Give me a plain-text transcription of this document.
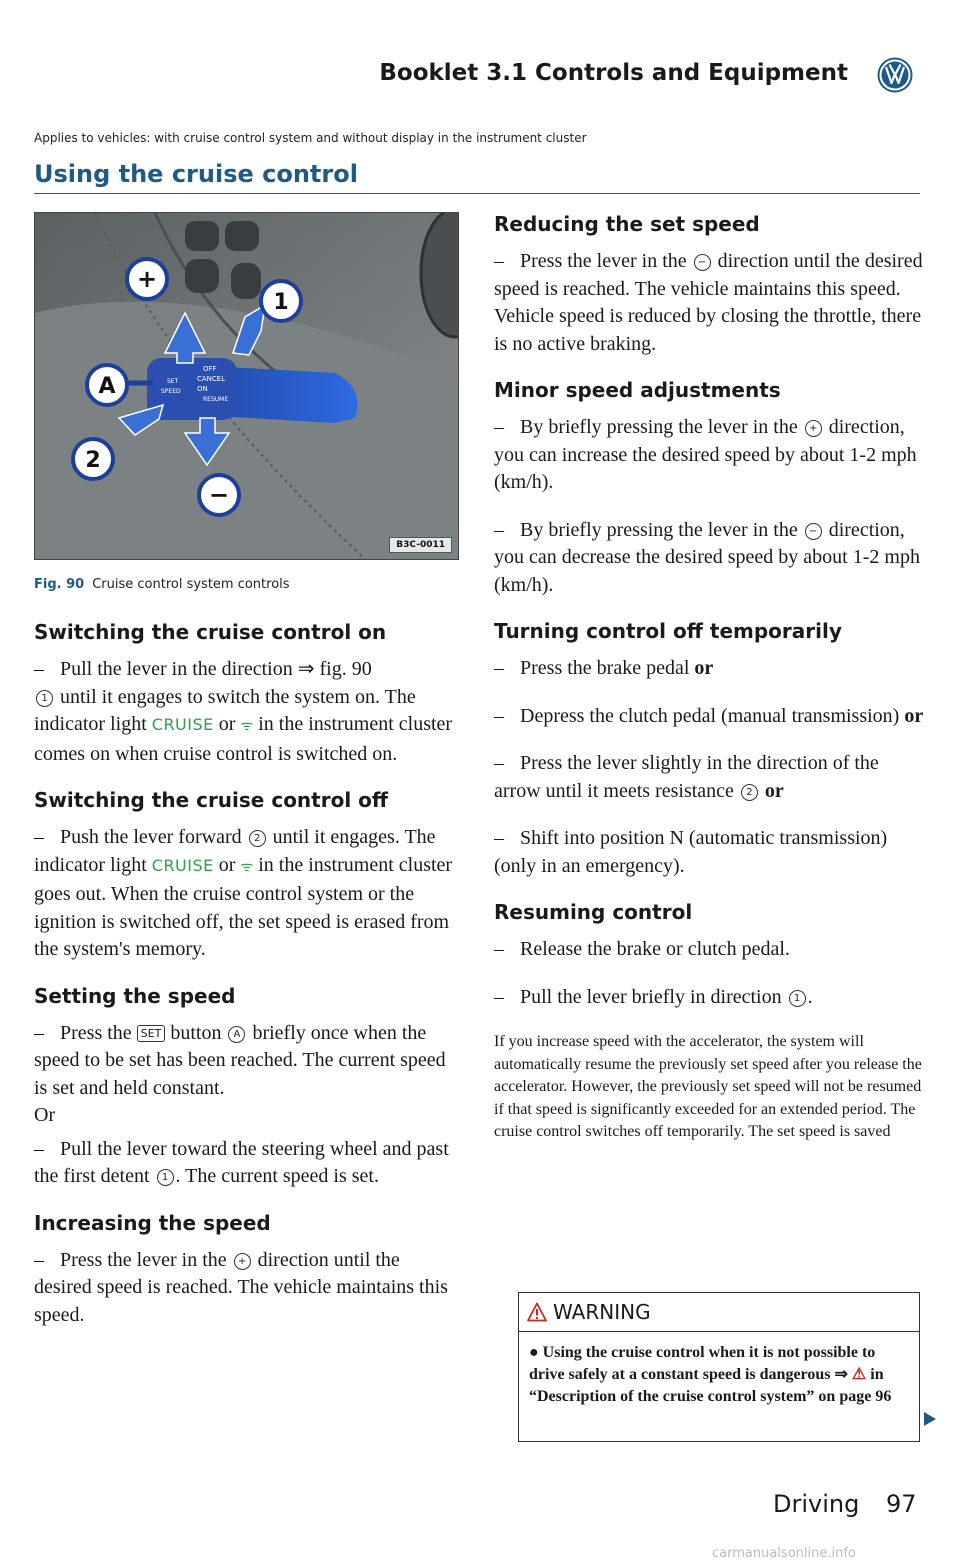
Booklet 3.1 Controls and Equipment
Applies to vehicles: with cruise control system and without display in the instrument cluster
Using the cruise control
OFF
CANCEL
ON
RESUME
SPEED
SET
+
1
A
2
−
B3C-0011
Fig. 90 Cruise control system controls
Switching the cruise control on

– Pull the lever in the direction ⇒ fig. 90
1 until it engages to switch the system on. The indicator light CRUISE or ᯤ in the instrument cluster comes on when cruise control is switched on.

Switching the cruise control off

– Push the lever forward 2 until it engages. The indicator light CRUISE or ᯤ in the instrument cluster goes out. When the cruise control system or the ignition is switched off, the set speed is erased from the system's memory.

Setting the speed

– Press the SET button A briefly once when the speed to be set has been reached. The current speed is set and held constant.
Or

– Pull the lever toward the steering wheel and past the first detent 1 . The current speed is set.

Increasing the speed

– Press the lever in the + direction until the desired speed is reached. The vehicle maintains this speed.

Reducing the set speed

– Press the lever in the − direction until the desired speed is reached. The vehicle maintains this speed. Vehicle speed is reduced by closing the throttle, there is no active braking.

Minor speed adjustments

– By briefly pressing the lever in the + direction, you can increase the desired speed by about 1-2 mph (km/h).

– By briefly pressing the lever in the − direction, you can decrease the desired speed by about 1-2 mph (km/h).

Turning control off temporarily

– Press the brake pedal or

– Depress the clutch pedal (manual transmission) or

– Press the lever slightly in the direction of the arrow until it meets resistance 2 or

– Shift into position N (automatic transmission) (only in an emergency).

Resuming control

– Release the brake or clutch pedal.

– Pull the lever briefly in direction 1 .

If you increase speed with the accelerator, the system will automatically resume the previously set speed after you release the accelerator. However, the previously set speed will not be resumed if that speed is significantly exceeded for an extended period. The cruise control switches off temporarily. The set speed is saved

WARNING
● Using the cruise control when it is not possible to drive safely at a constant speed is dangerous ⇒ ⚠ in “Description of the cruise control system” on page 96
Driving 97
carmanualsonline.info
